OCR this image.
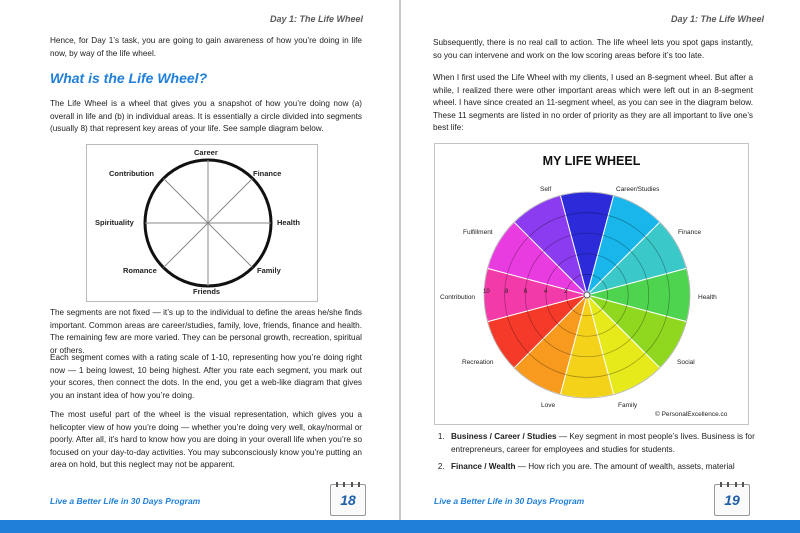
Day 1: The Life Wheel

Hence, for Day 1’s task, you are going to gain awareness of how you’re doing in life now, by way of the life wheel.

What is the Life Wheel?

The Life Wheel is a wheel that gives you a snapshot of how you’re doing now (a) overall in life and (b) in individual areas. It is essentially a circle divided into segments (usually 8) that represent key areas of your life. See sample diagram below.

Career
Finance
Health
Family
Friends
Romance
Spirituality
Contribution

The segments are not fixed — it’s up to the individual to define the areas he/she finds important. Common areas are career/studies, family, love, friends, finance and health. The remaining few are more varied. They can be personal growth, recreation, spiritual or others.

Each segment comes with a rating scale of 1-10, representing how you’re doing right now — 1 being lowest, 10 being highest. After you rate each segment, you mark out your scores, then connect the dots. In the end, you get a web-like diagram that gives you an instant idea of how you’re doing.

The most useful part of the wheel is the visual representation, which gives you a helicopter view of how you’re doing — whether you’re doing very well, okay/normal or poorly. After all, it’s hard to know how you are doing in your overall life when you’re so focused on your day-to-day activities. You may subconsciously know you’re putting an area on hold, but this neglect may not be apparent.

Live a Better Life in 30 Days Program	18
Day 1: The Life Wheel

Subsequently, there is no real call to action. The life wheel lets you spot gaps instantly, so you can intervene and work on the low scoring areas before it’s too late.

When I first used the Life Wheel with my clients, I used an 8-segment wheel. But after a while, I realized there were other important areas which were left out in an 8-segment wheel. I have since created an 11-segment wheel, as you can see in the diagram below. These 11 segments are listed in no order of priority as they are all important to live one’s best life:

MY LIFE WHEEL
Self	Career/Studies
Finance
Health
Social
Family
Love
Recreation
Contribution
Fulfillment
10	8	6	4	2
© PersonalExcellence.co
1. Business / Career / Studies — Key segment in most people’s lives. Business is for entrepreneurs, career for employees and studies for students.
2. Finance / Wealth — How rich you are. The amount of wealth, assets, material
Live a Better Life in 30 Days Program	19
